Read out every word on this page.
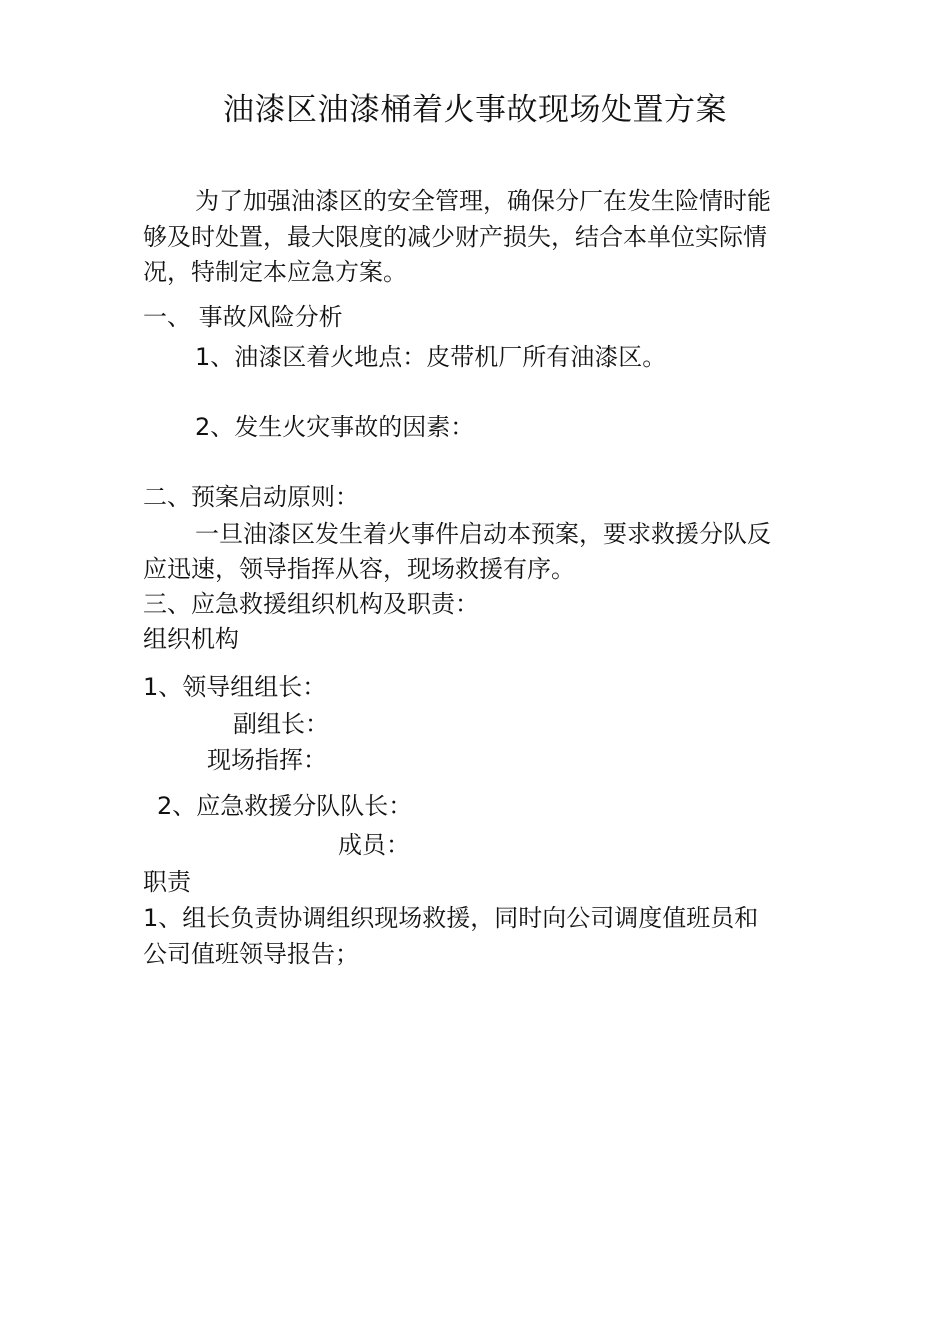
油漆区油漆桶着火事故现场处置方案
为了加强油漆区的安全管理，确保分厂在发生险情时能
够及时处置，最大限度的减少财产损失，结合本单位实际情
况，特制定本应急方案。
一、 事故风险分析
1、油漆区着火地点：皮带机厂所有油漆区。
2、发生火灾事故的因素：
二、预案启动原则：
一旦油漆区发生着火事件启动本预案，要求救援分队反
应迅速，领导指挥从容，现场救援有序。
三、应急救援组织机构及职责：
组织机构
1、领导组组长：
副组长：
现场指挥：
2、应急救援分队队长：
成员：
职责
1、组长负责协调组织现场救援，同时向公司调度值班员和
公司值班领导报告；
